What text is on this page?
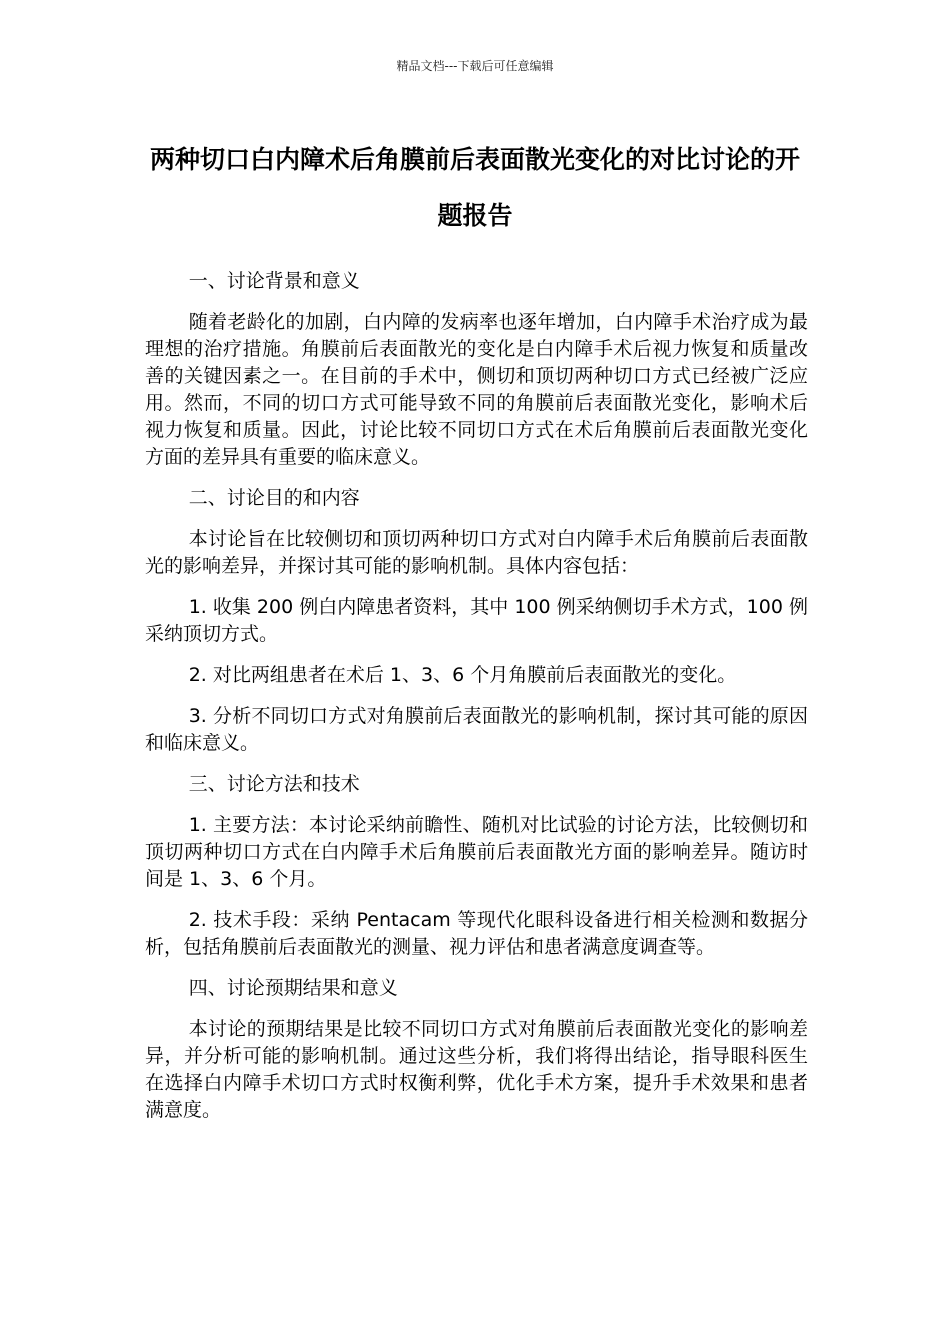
精品文档---下载后可任意编辑
两种切口白内障术后角膜前后表面散光变化的对比讨论的开题报告

一、讨论背景和意义

随着老龄化的加剧，白内障的发病率也逐年增加，白内障手术治疗成为最理想的治疗措施。角膜前后表面散光的变化是白内障手术后视力恢复和质量改善的关键因素之一。在目前的手术中，侧切和顶切两种切口方式已经被广泛应用。然而，不同的切口方式可能导致不同的角膜前后表面散光变化，影响术后视力恢复和质量。因此，讨论比较不同切口方式在术后角膜前后表面散光变化方面的差异具有重要的临床意义。

二、讨论目的和内容

本讨论旨在比较侧切和顶切两种切口方式对白内障手术后角膜前后表面散光的影响差异，并探讨其可能的影响机制。具体内容包括：

1. 收集 200 例白内障患者资料，其中 100 例采纳侧切手术方式，100 例采纳顶切方式。

2. 对比两组患者在术后 1、3、6 个月角膜前后表面散光的变化。

3. 分析不同切口方式对角膜前后表面散光的影响机制，探讨其可能的原因和临床意义。

三、讨论方法和技术

1. 主要方法：本讨论采纳前瞻性、随机对比试验的讨论方法，比较侧切和顶切两种切口方式在白内障手术后角膜前后表面散光方面的影响差异。随访时间是 1、3、6 个月。

2. 技术手段：采纳 Pentacam 等现代化眼科设备进行相关检测和数据分析，包括角膜前后表面散光的测量、视力评估和患者满意度调查等。

四、讨论预期结果和意义

本讨论的预期结果是比较不同切口方式对角膜前后表面散光变化的影响差异，并分析可能的影响机制。通过这些分析，我们将得出结论，指导眼科医生在选择白内障手术切口方式时权衡利弊，优化手术方案，提升手术效果和患者满意度。
